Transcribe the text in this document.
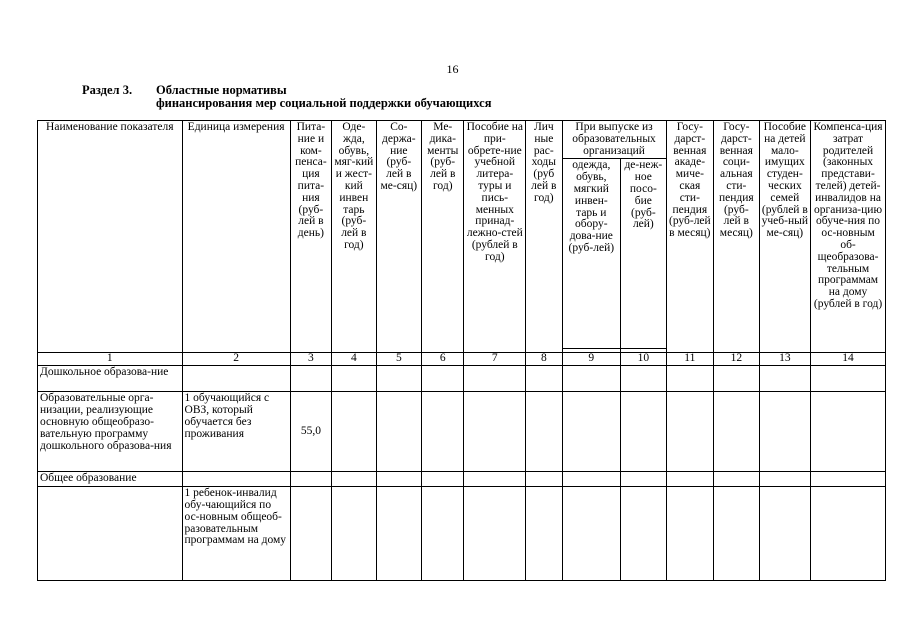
16
Раздел 3. Областные нормативы
финансирования мер социальной поддержки обучающихся
Наименование показателя	Единица измерения	Пита-ние и ком-пенса-ция пита-ния (руб-лей в день)	Оде-жда, обувь, мяг-кий и жест-кий инвен тарь (руб-лей в год)	Со-держа-ние (руб-лей в ме-сяц)	Ме-дика-менты (руб-лей в год)	Пособие на при-обрете-ние учебной литера-туры и пись-менных принад-лежно-стей (рублей в год)	Лич ные рас-ходы (руб лей в год)	При выпуске из образовательных организаций		Госу-дарст-венная акаде-миче-ская сти-пендия (руб-лей в месяц)	Госу-дарст-венная соци-альная сти-пендия (руб-лей в месяц)	Пособие на детей мало-имущих студен-ческих семей (рублей в учеб-ный ме-сяц)	Компенса-ция затрат родителей (законных представи-телей) детей-инвалидов на организа-цию обуче-ния по ос-новным об-щеобразова-тельным программам на дому (рублей в год)
								одежда, обувь, мягкий инвен-тарь и обору-дова-ние (руб-лей)	де-неж-ное посо-бие (руб-лей)				

1	2	3	4	5	6	7	8	9	10	11	12	13	14
Дошкольное образова-ние													
Образовательные орга-низации, реализующие основную общеобразо-вательную программу дошкольного образова-ния	1 обучающийся с ОВЗ, который обучается без проживания	55,0											
Общее образование													
	1 ребенок-инвалид обу-чающийся по ос-новным общеоб-разовательным программам на дому												
